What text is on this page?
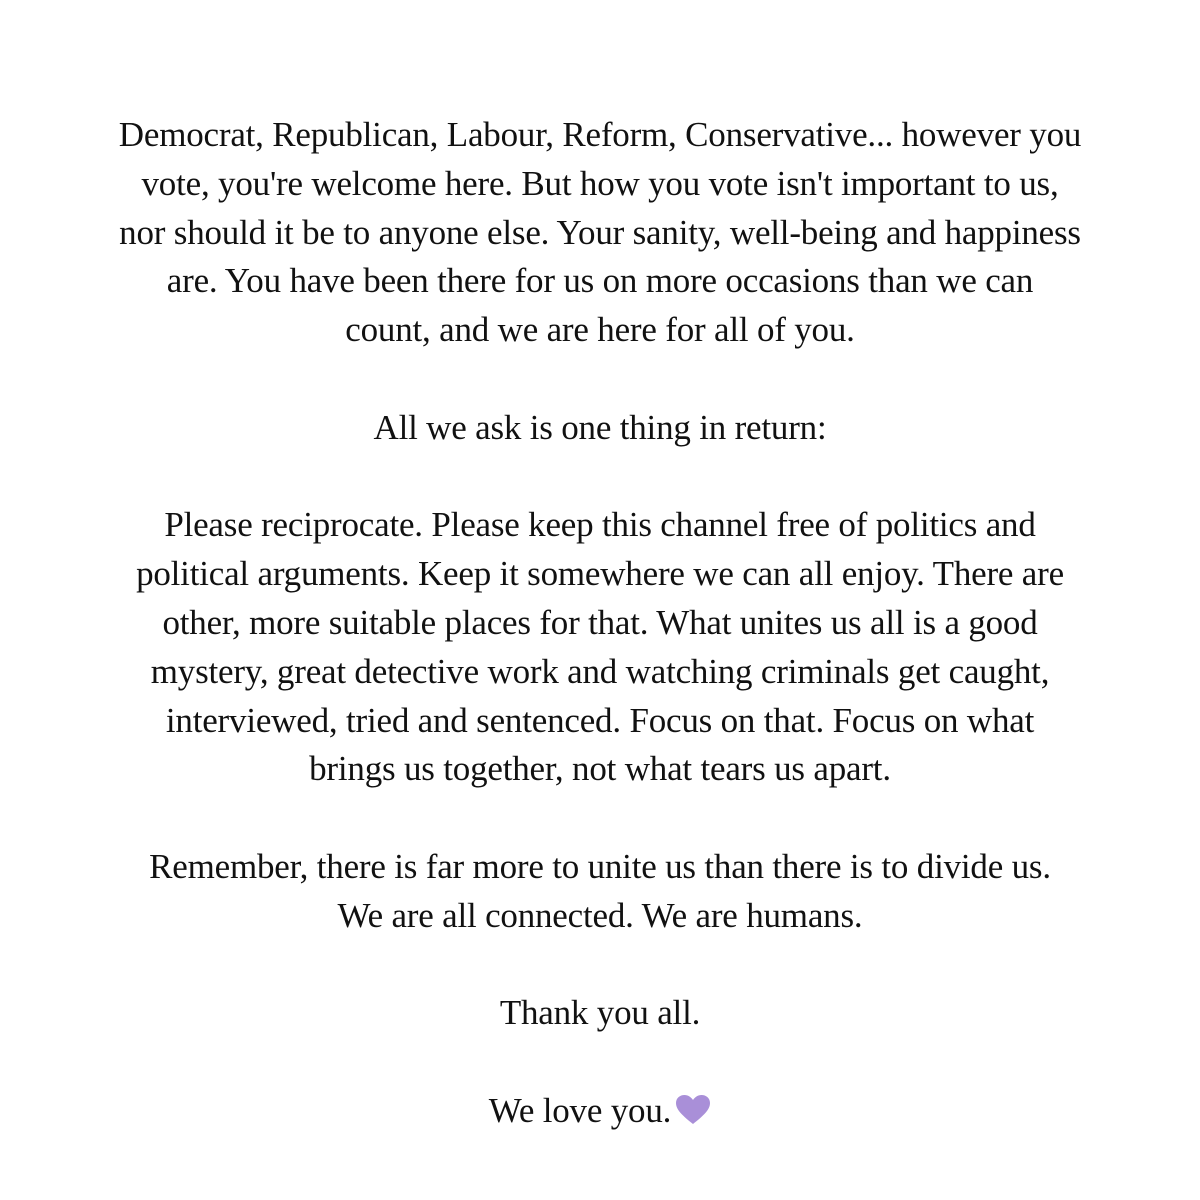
Democrat, Republican, Labour, Reform, Conservative... however you
vote, you're welcome here. But how you vote isn't important to us,
nor should it be to anyone else. Your sanity, well-being and happiness
are. You have been there for us on more occasions than we can
count, and we are here for all of you.
All we ask is one thing in return:
Please reciprocate. Please keep this channel free of politics and
political arguments. Keep it somewhere we can all enjoy. There are
other, more suitable places for that. What unites us all is a good
mystery, great detective work and watching criminals get caught,
interviewed, tried and sentenced. Focus on that. Focus on what
brings us together, not what tears us apart.
Remember, there is far more to unite us than there is to divide us.
We are all connected. We are humans.
Thank you all.
We love you.
